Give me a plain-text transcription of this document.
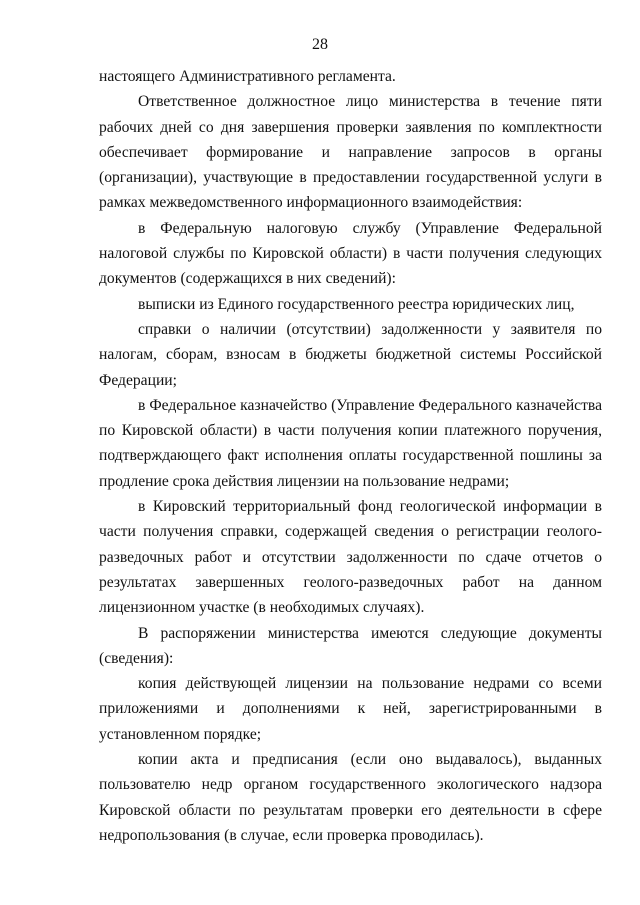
28

настоящего Административного регламента.

Ответственное должностное лицо министерства в течение пяти рабочих дней со дня завершения проверки заявления по комплектности обеспечивает формирование и направление запросов в органы (организации), участвующие в предоставлении государственной услуги в рамках межведомственного информационного взаимодействия:

в Федеральную налоговую службу (Управление Федеральной налоговой службы по Кировской области) в части получения следующих документов (содержащихся в них сведений):

выписки из Единого государственного реестра юридических лиц,

справки о наличии (отсутствии) задолженности у заявителя по налогам, сборам, взносам в бюджеты бюджетной системы Российской Федерации;

в Федеральное казначейство (Управление Федерального казначейства по Кировской области) в части получения копии платежного поручения, подтверждающего факт исполнения оплаты государственной пошлины за продление срока действия лицензии на пользование недрами;

в Кировский территориальный фонд геологической информации в части получения справки, содержащей сведения о регистрации геолого-разведочных работ и отсутствии задолженности по сдаче отчетов о результатах завершенных геолого-разведочных работ на данном лицензионном участке (в необходимых случаях).

В распоряжении министерства имеются следующие документы (сведения):

копия действующей лицензии на пользование недрами со всеми приложениями и дополнениями к ней, зарегистрированными в установленном порядке;

копии акта и предписания (если оно выдавалось), выданных пользователю недр органом государственного экологического надзора Кировской области по результатам проверки его деятельности в сфере недропользования (в случае, если проверка проводилась).
